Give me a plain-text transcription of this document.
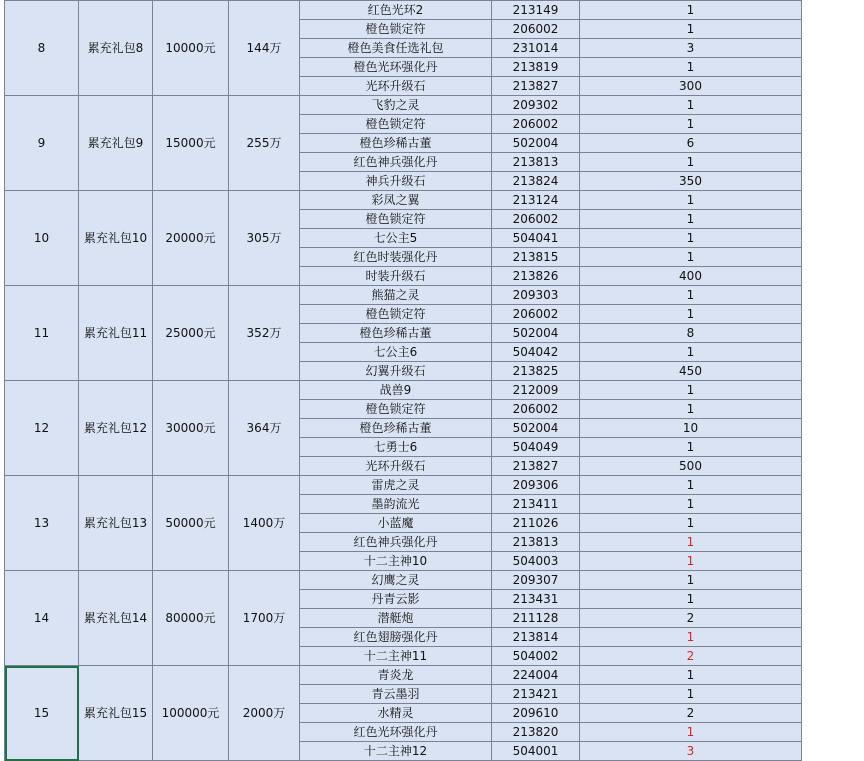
8	累充礼包8	10000元	144万	红色光环2	213149	1
				橙色锁定符	206002	1
				橙色美食任选礼包	231014	3
				橙色光环强化丹	213819	1
				光环升级石	213827	300
9	累充礼包9	15000元	255万	飞豹之灵	209302	1
				橙色锁定符	206002	1
				橙色珍稀古董	502004	6
				红色神兵强化丹	213813	1
				神兵升级石	213824	350
10	累充礼包10	20000元	305万	彩凤之翼	213124	1
				橙色锁定符	206002	1
				七公主5	504041	1
				红色时装强化丹	213815	1
				时装升级石	213826	400
11	累充礼包11	25000元	352万	熊猫之灵	209303	1
				橙色锁定符	206002	1
				橙色珍稀古董	502004	8
				七公主6	504042	1
				幻翼升级石	213825	450
12	累充礼包12	30000元	364万	战兽9	212009	1
				橙色锁定符	206002	1
				橙色珍稀古董	502004	10
				七勇士6	504049	1
				光环升级石	213827	500
13	累充礼包13	50000元	1400万	雷虎之灵	209306	1
				墨韵流光	213411	1
				小蓝魔	211026	1
				红色神兵强化丹	213813	1
				十二主神10	504003	1
14	累充礼包14	80000元	1700万	幻鹰之灵	209307	1
				丹青云影	213431	1
				潜艇炮	211128	2
				红色翅膀强化丹	213814	1
				十二主神11	504002	2
15	累充礼包15	100000元	2000万	青炎龙	224004	1
				青云墨羽	213421	1
				水精灵	209610	2
				红色光环强化丹	213820	1
				十二主神12	504001	3
